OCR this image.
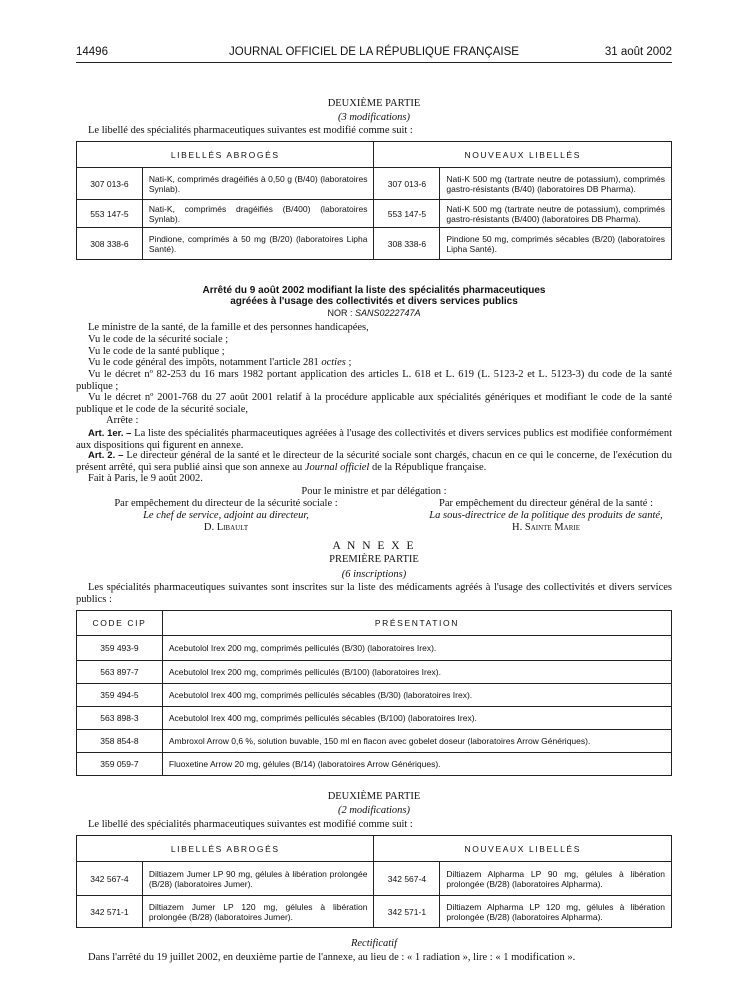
14496	JOURNAL OFFICIEL DE LA RÉPUBLIQUE FRANÇAISE	31 août 2002
DEUXIÈME PARTIE
(3 modifications)
Le libellé des spécialités pharmaceutiques suivantes est modifié comme suit :
LIBELLÉS ABROGÉS		NOUVEAUX LIBELLÉS	
307 013-6	Nati-K, comprimés dragéifiés à 0,50 g (B/40) (laboratoires Synlab).	307 013-6	Nati-K 500 mg (tartrate neutre de potassium), comprimés gastro-résistants (B/40) (laboratoires DB Pharma).
553 147-5	Nati-K, comprimés dragéifiés (B/400) (laboratoires Synlab).	553 147-5	Nati-K 500 mg (tartrate neutre de potassium), comprimés gastro-résistants (B/400) (laboratoires DB Pharma).
308 338-6	Pindione, comprimés à 50 mg (B/20) (laboratoires Lipha Santé).	308 338-6	Pindione 50 mg, comprimés sécables (B/20) (laboratoires Lipha Santé).
Arrêté du 9 août 2002 modifiant la liste des spécialités pharmaceutiques
agréées à l'usage des collectivités et divers services publics
NOR : SANS0222747A
Le ministre de la santé, de la famille et des personnes handicapées,
Vu le code de la sécurité sociale ;
Vu le code de la santé publique ;
Vu le code général des impôts, notamment l'article 281 octies ;
Vu le décret nº 82-253 du 16 mars 1982 portant application des articles L. 618 et L. 619 (L. 5123-2 et L. 5123-3) du code de la santé publique ;
Vu le décret nº 2001-768 du 27 août 2001 relatif à la procédure applicable aux spécialités génériques et modifiant le code de la santé publique et le code de la sécurité sociale,
Arrête :
Art. 1er. – La liste des spécialités pharmaceutiques agréées à l'usage des collectivités et divers services publics est modifiée conformément aux dispositions qui figurent en annexe.
Art. 2. – Le directeur général de la santé et le directeur de la sécurité sociale sont chargés, chacun en ce qui le concerne, de l'exécution du présent arrêté, qui sera publié ainsi que son annexe au Journal officiel de la République française.
Fait à Paris, le 9 août 2002.
Pour le ministre et par délégation :
Par empêchement du directeur de la sécurité sociale :
Le chef de service, adjoint au directeur,
D. Libault
Par empêchement du directeur général de la santé :
La sous-directrice de la politique des produits de santé,
H. Sainte Marie
A N N E X E
PREMIÈRE PARTIE
(6 inscriptions)
Les spécialités pharmaceutiques suivantes sont inscrites sur la liste des médicaments agréés à l'usage des collectivités et divers services publics :
CODE CIP	PRÉSENTATION
359 493-9	Acebutolol Irex 200 mg, comprimés pelliculés (B/30) (laboratoires Irex).
563 897-7	Acebutolol Irex 200 mg, comprimés pelliculés (B/100) (laboratoires Irex).
359 494-5	Acebutolol Irex 400 mg, comprimés pelliculés sécables (B/30) (laboratoires Irex).
563 898-3	Acebutolol Irex 400 mg, comprimés pelliculés sécables (B/100) (laboratoires Irex).
358 854-8	Ambroxol Arrow 0,6 %, solution buvable, 150 ml en flacon avec gobelet doseur (laboratoires Arrow Génériques).
359 059-7	Fluoxetine Arrow 20 mg, gélules (B/14) (laboratoires Arrow Génériques).
DEUXIÈME PARTIE
(2 modifications)
Le libellé des spécialités pharmaceutiques suivantes est modifié comme suit :
LIBELLÉS ABROGÉS		NOUVEAUX LIBELLÉS	
342 567-4	Diltiazem Jumer LP 90 mg, gélules à libération prolongée (B/28) (laboratoires Jumer).	342 567-4	Diltiazem Alpharma LP 90 mg, gélules à libération prolongée (B/28) (laboratoires Alpharma).
342 571-1	Diltiazem Jumer LP 120 mg, gélules à libération prolongée (B/28) (laboratoires Jumer).	342 571-1	Diltiazem Alpharma LP 120 mg, gélules à libération prolongée (B/28) (laboratoires Alpharma).
Rectificatif
Dans l'arrêté du 19 juillet 2002, en deuxième partie de l'annexe, au lieu de : « 1 radiation », lire : « 1 modification ».
